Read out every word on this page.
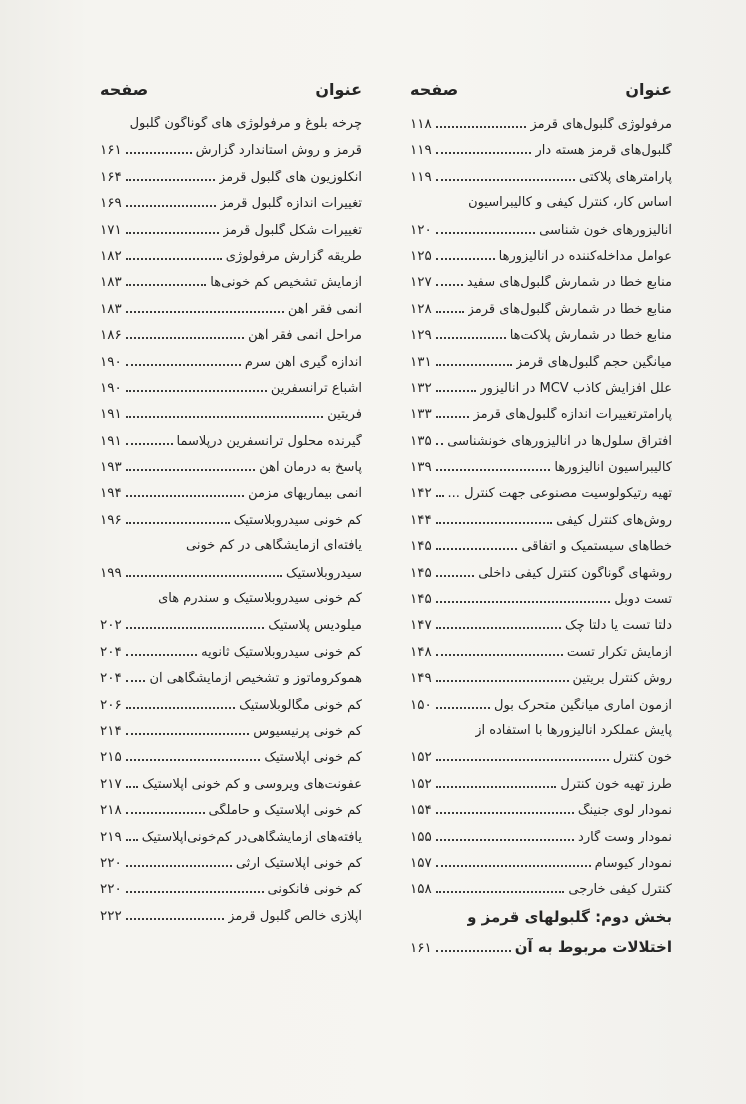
عنوان
صفحه
مرفولوژی گلبول‌های قرمز
۱۱۸
گلبول‌های قرمز هسته دار
۱۱۹
پارامترهای پلاکتی
۱۱۹
اساس کار، کنترل کیفی و کالیبراسیون
آنالیزورهای خون شناسی
۱۲۰
عوامل مداخله‌کننده در آنالیزورها
۱۲۵
منابع خطا در شمارش گلبول‌های سفید
۱۲۷
منابع خطا در شمارش گلبول‌های قرمز
۱۲۸
منابع خطا در شمارش پلاکت‌ها
۱۲۹
میانگین حجم گلبول‌های قرمز
۱۳۱
علل افزایش کاذب MCV در آنالیزور
۱۳۲
پارامترتغییرات اندازه گلبول‌های قرمز
۱۳۳
افتراق سلول‌ها در آنالیزورهای خونشناسی
۱۳۵
کالیبراسیون آنالیزورها
۱۳۹
تهیه رتیکولوسیت مصنوعی جهت کنترل ...
۱۴۲
روش‌های کنترل کیفی
۱۴۴
خطاهای سیستمیک و اتفاقی
۱۴۵
روشهای گوناگون کنترل کیفی داخلی
۱۴۵
تست دوبل
۱۴۵
دلتا تست یا دلتا چک
۱۴۷
آزمایش تکرار تست
۱۴۸
روش کنترل بریتین
۱۴۹
آزمون آماری میانگین متحرک بول
۱۵۰
پایش عملکرد آنالیزورها با استفاده از
خون کنترل
۱۵۲
طرز تهیه خون کنترل
۱۵۲
نمودار لوی جنینگ
۱۵۴
نمودار وست گارد
۱۵۵
نمودار کیوسام
۱۵۷
کنترل کیفی خارجی
۱۵۸
بخش دوم: گلبولهای قرمز و
اختلالات مربوط به آن
۱۶۱
عنوان
صفحه
چرخه بلوغ و مرفولوژی های گوناگون گلبول
قرمز و روش استاندارد گزارش
۱۶۱
انکلوزیون های گلبول قرمز
۱۶۴
تغییرات اندازه گلبول قرمز
۱۶۹
تغییرات شکل گلبول قرمز
۱۷۱
طریقه گزارش مرفولوژی
۱۸۲
آزمایش تشخیص کم خونی‌ها
۱۸۳
آنمی فقر آهن
۱۸۳
مراحل آنمی فقر آهن
۱۸۶
اندازه گیری آهن سرم
۱۹۰
اشباع ترانسفرین
۱۹۰
فریتین
۱۹۱
گیرنده محلول ترانسفرین درپلاسما
۱۹۱
پاسخ به درمان آهن
۱۹۳
آنمی بیماریهای مزمن
۱۹۴
کم خونی سیدروبلاستیک
۱۹۶
یافته‌ای آزمایشگاهی در کم خونی
سیدروبلاستیک
۱۹۹
کم خونی سیدروبلاستیک و سندرم های
میلودیس پلاستیک
۲۰۲
کم خونی سیدروبلاستیک ثانویه
۲۰۴
هموکروماتوز و تشخیص آزمایشگاهی آن
۲۰۴
کم خونی مگالوبلاستیک
۲۰۶
کم خونی پرنیسیوس
۲۱۴
کم خونی آپلاستیک
۲۱۵
عفونت‌های ویروسی و کم خونی آپلاستیک
۲۱۷
کم خونی آپلاستیک و حاملگی
۲۱۸
یافته‌های آزمایشگاهی‌در کم‌خونی‌آپلاستیک
۲۱۹
کم خونی آپلاستیک ارثی
۲۲۰
کم خونی فانکونی
۲۲۰
آپلازی خالص گلبول قرمز
۲۲۲
